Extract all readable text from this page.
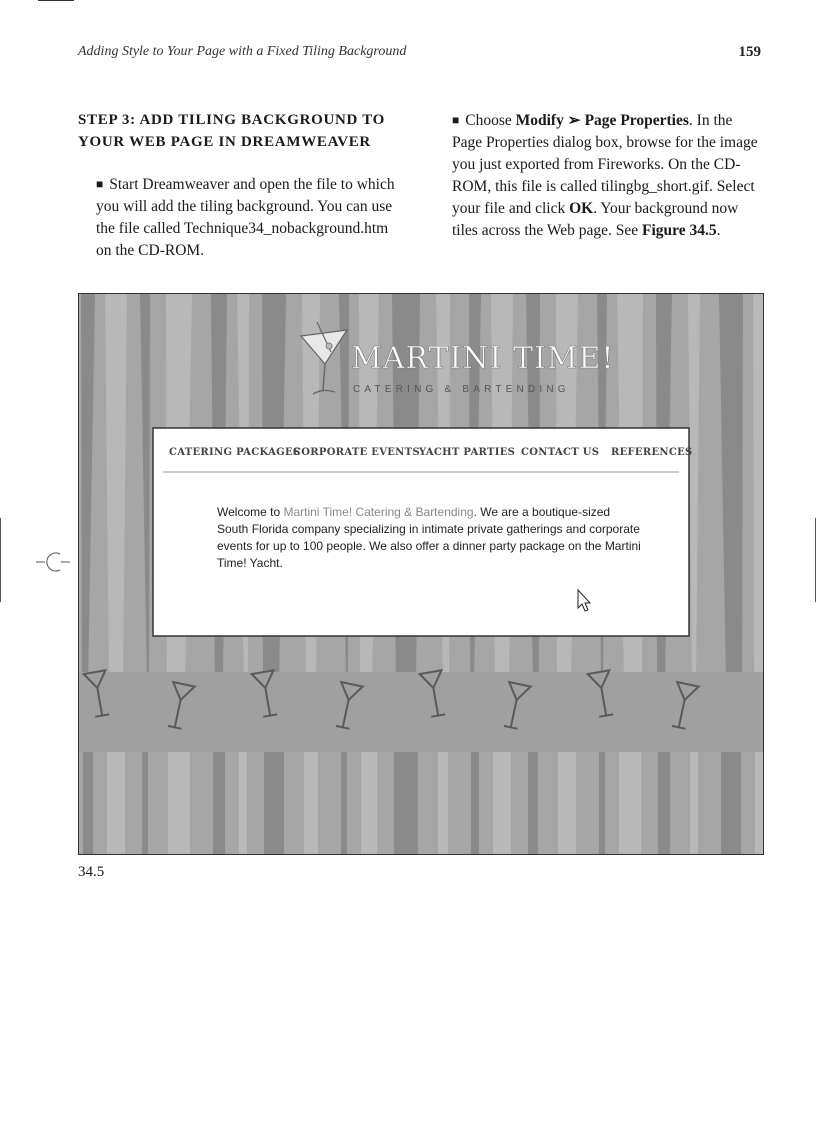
Adding Style to Your Page with a Fixed Tiling Background	159
STEP 3: ADD TILING BACKGROUND TO
YOUR WEB PAGE IN DREAMWEAVER

■ Start Dreamweaver and open the file to which you will add the tiling background. You can use the file called Technique34_nobackground.htm on the CD-ROM.

■ Choose Modify ➢ Page Properties. In the Page Properties dialog box, browse for the image you just exported from Fireworks. On the CD-ROM, this file is called tilingbg_short.gif. Select your file and click OK. Your background now tiles across the Web page. See Figure 34.5.

MARTINI TIME!
CATERING & BARTENDING
CATERING PACKAGES
CORPORATE EVENTS YACHT PARTIES CONTACT US REFERENCES
Welcome to Martini Time! Catering & Bartending. We are a boutique-sized
South Florida company specializing in intimate private gatherings and corporate
events for up to 100 people. We also offer a dinner party package on the Martini
Time! Yacht.
34.5
